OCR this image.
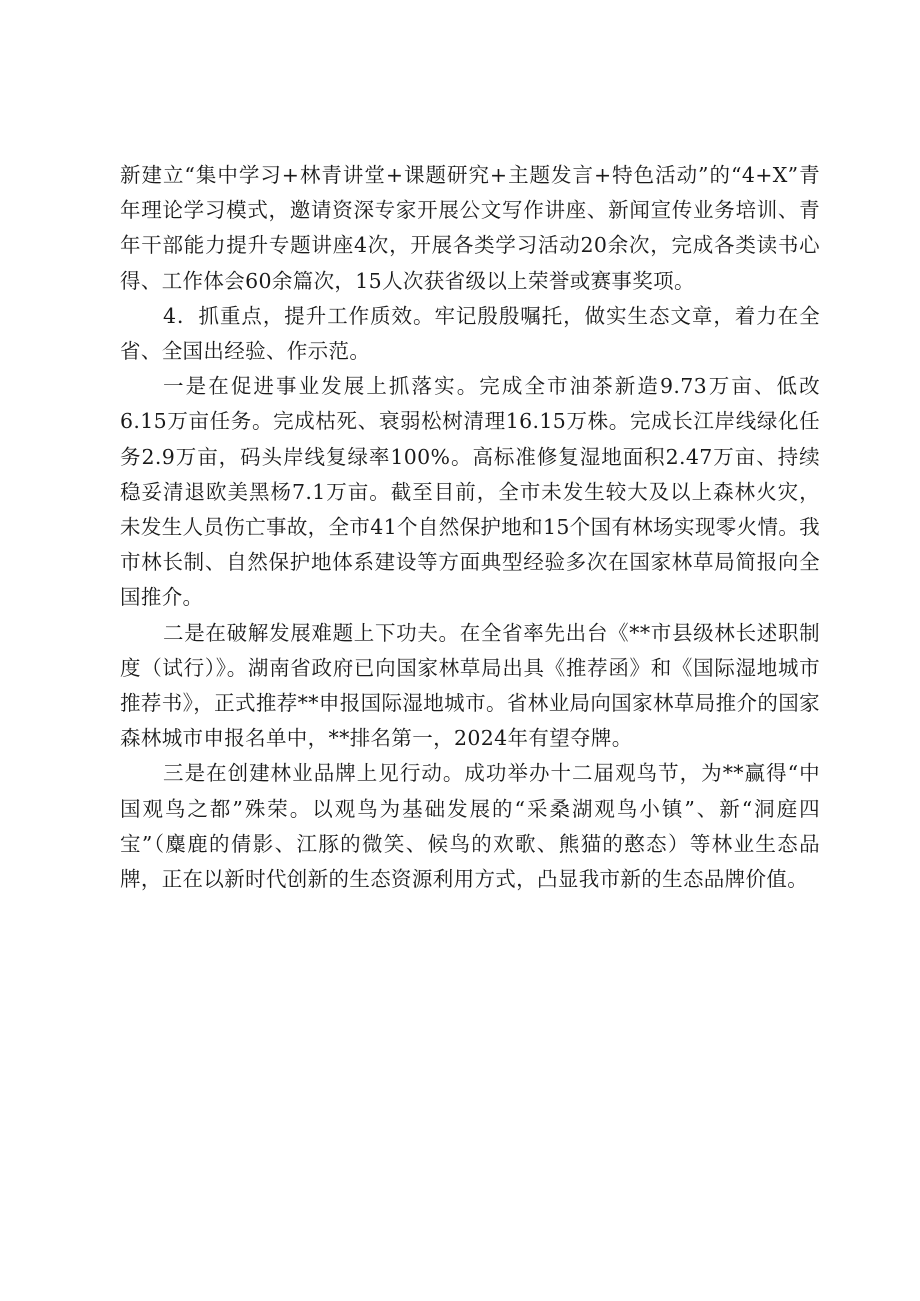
新建立“集中学习+林青讲堂+课题研究+主题发言+特色活动”的“4+X”青年理论学习模式，邀请资深专家开展公文写作讲座、新闻宣传业务培训、青年干部能力提升专题讲座4次，开展各类学习活动20余次，完成各类读书心得、工作体会60余篇次，15人次获省级以上荣誉或赛事奖项。

4．抓重点，提升工作质效。牢记殷殷嘱托，做实生态文章，着力在全省、全国出经验、作示范。

一是在促进事业发展上抓落实。完成全市油茶新造9.73万亩、低改6.15万亩任务。完成枯死、衰弱松树清理16.15万株。完成长江岸线绿化任务2.9万亩，码头岸线复绿率100%。高标准修复湿地面积2.47万亩、持续稳妥清退欧美黑杨7.1万亩。截至目前，全市未发生较大及以上森林火灾，未发生人员伤亡事故，全市41个自然保护地和15个国有林场实现零火情。我市林长制、自然保护地体系建设等方面典型经验多次在国家林草局简报向全国推介。

二是在破解发展难题上下功夫。在全省率先出台《**市县级林长述职制度（试行）》。湖南省政府已向国家林草局出具《推荐函》和《国际湿地城市推荐书》，正式推荐**申报国际湿地城市。省林业局向国家林草局推介的国家森林城市申报名单中，**排名第一，2024年有望夺牌。

三是在创建林业品牌上见行动。成功举办十二届观鸟节，为**赢得“中国观鸟之都”殊荣。以观鸟为基础发展的“采桑湖观鸟小镇”、新“洞庭四宝”（麋鹿的倩影、江豚的微笑、候鸟的欢歌、熊猫的憨态）等林业生态品牌，正在以新时代创新的生态资源利用方式，凸显我市新的生态品牌价值。
